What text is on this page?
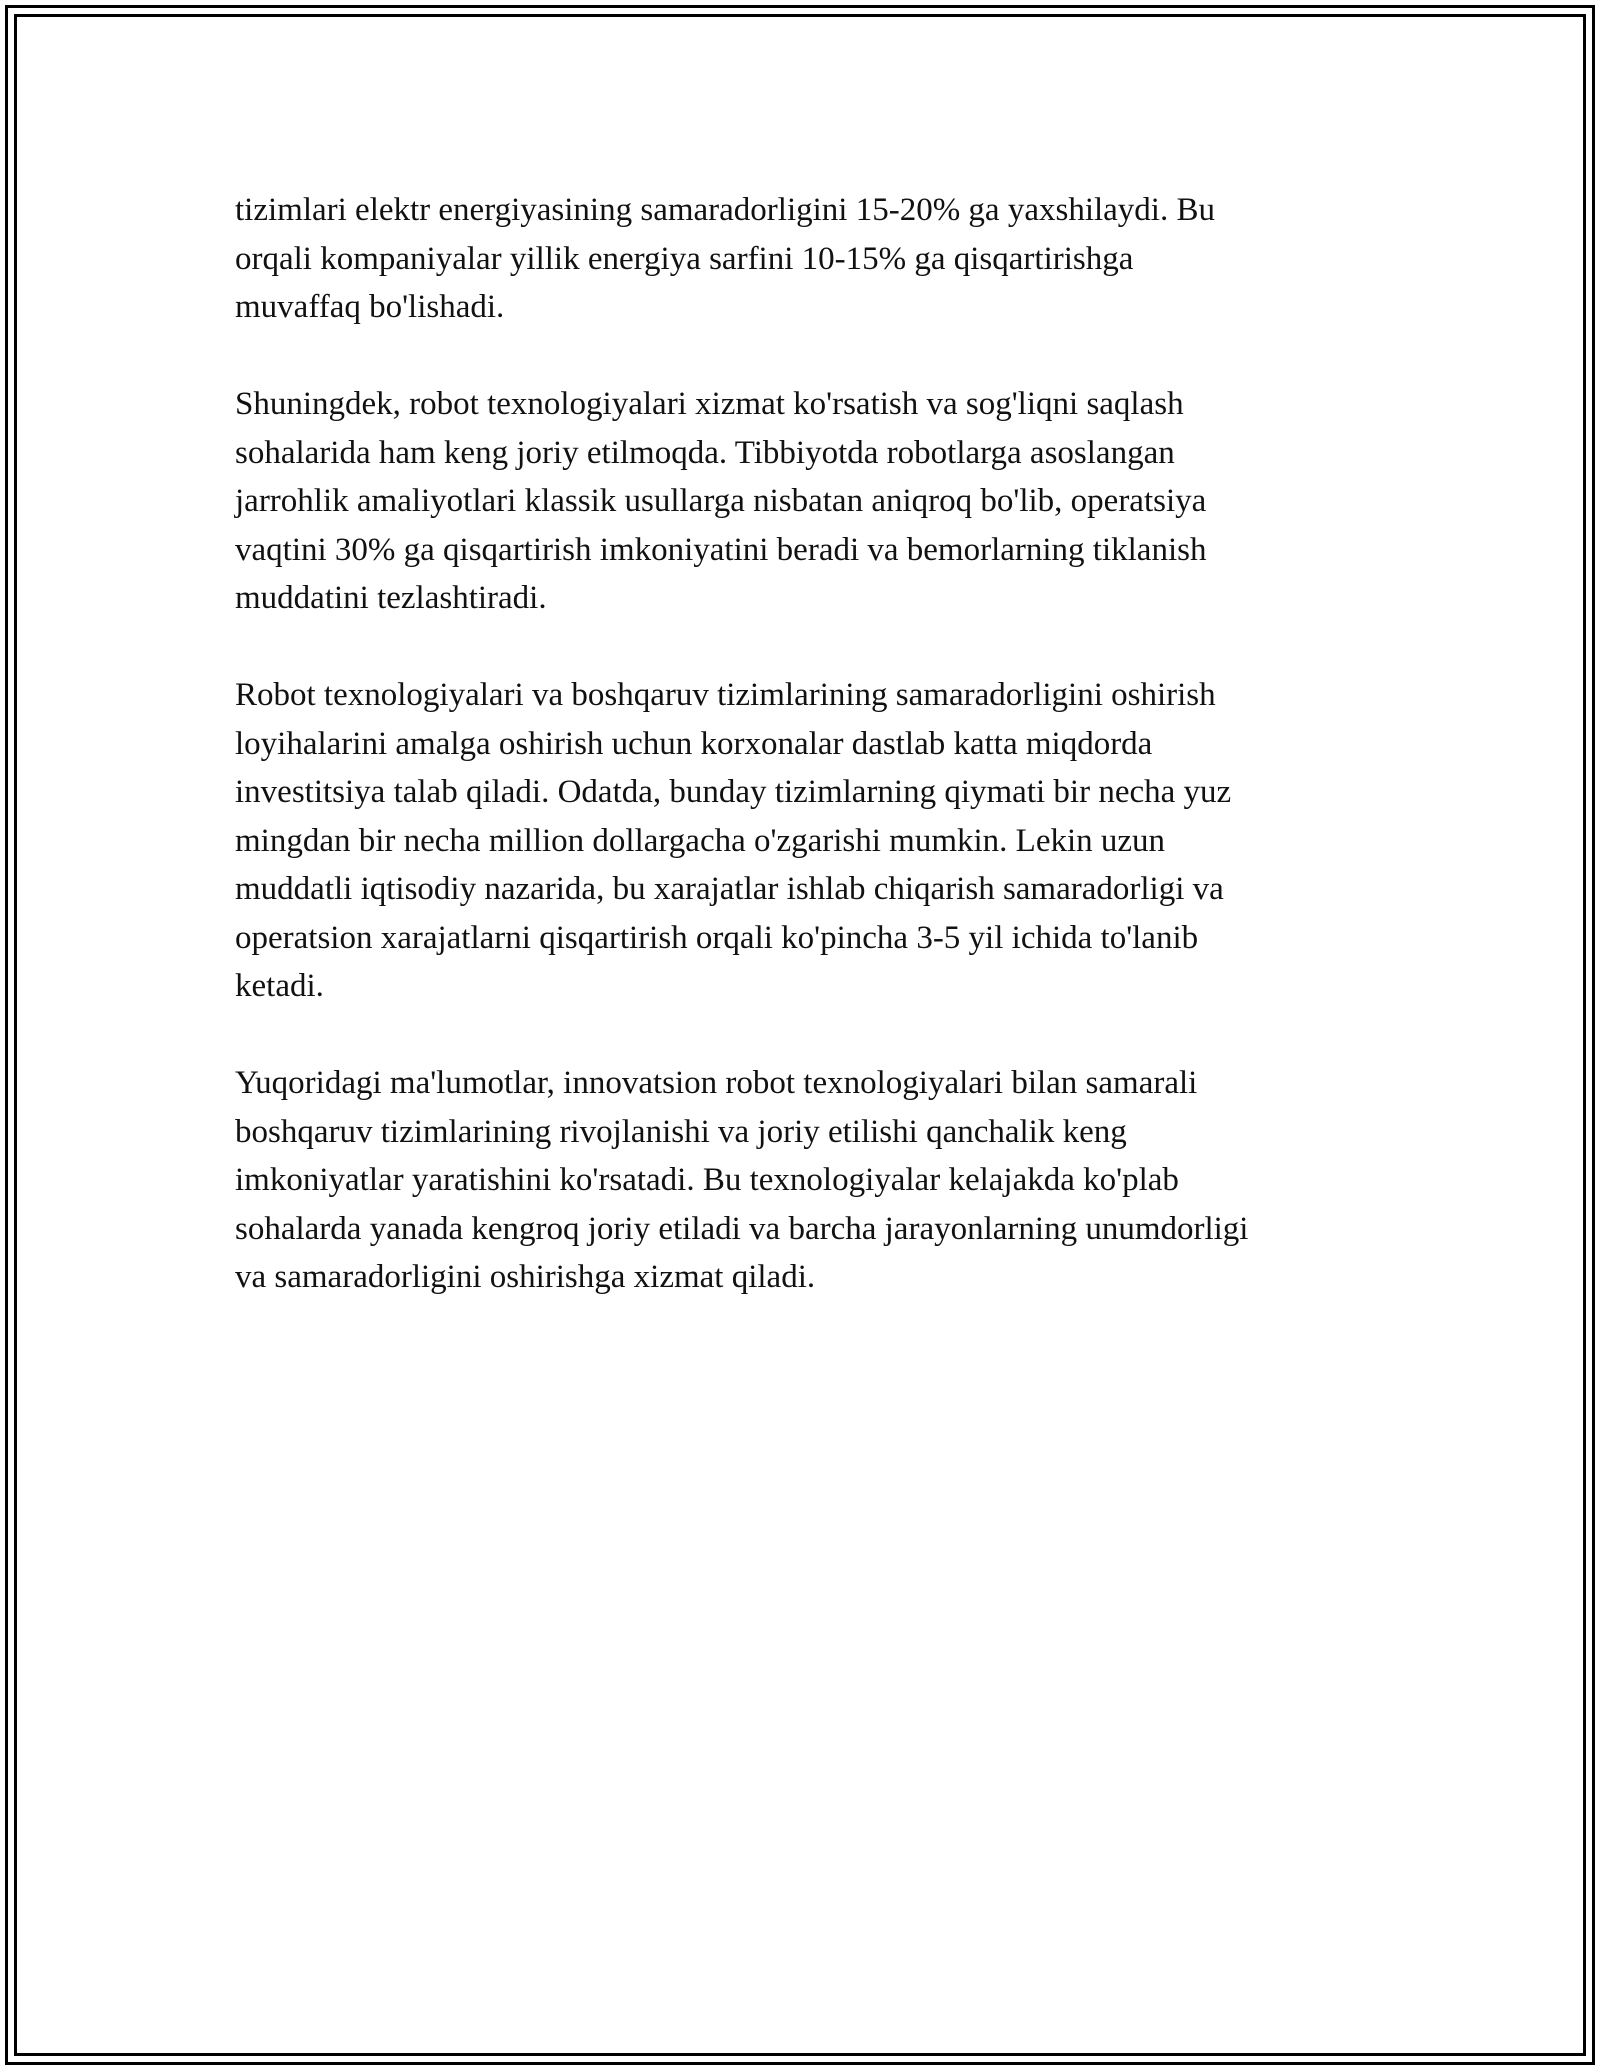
tizimlari elektr energiyasining samaradorligini 15-20% ga yaxshilaydi. Bu
orqali kompaniyalar yillik energiya sarfini 10-15% ga qisqartirishga
muvaffaq bo'lishadi.

Shuningdek, robot texnologiyalari xizmat ko'rsatish va sog'liqni saqlash
sohalarida ham keng joriy etilmoqda. Tibbiyotda robotlarga asoslangan
jarrohlik amaliyotlari klassik usullarga nisbatan aniqroq bo'lib, operatsiya
vaqtini 30% ga qisqartirish imkoniyatini beradi va bemorlarning tiklanish
muddatini tezlashtiradi.

Robot texnologiyalari va boshqaruv tizimlarining samaradorligini oshirish
loyihalarini amalga oshirish uchun korxonalar dastlab katta miqdorda
investitsiya talab qiladi. Odatda, bunday tizimlarning qiymati bir necha yuz
mingdan bir necha million dollargacha o'zgarishi mumkin. Lekin uzun
muddatli iqtisodiy nazarida, bu xarajatlar ishlab chiqarish samaradorligi va
operatsion xarajatlarni qisqartirish orqali ko'pincha 3-5 yil ichida to'lanib
ketadi.

Yuqoridagi ma'lumotlar, innovatsion robot texnologiyalari bilan samarali
boshqaruv tizimlarining rivojlanishi va joriy etilishi qanchalik keng
imkoniyatlar yaratishini ko'rsatadi. Bu texnologiyalar kelajakda ko'plab
sohalarda yanada kengroq joriy etiladi va barcha jarayonlarning unumdorligi
va samaradorligini oshirishga xizmat qiladi.
